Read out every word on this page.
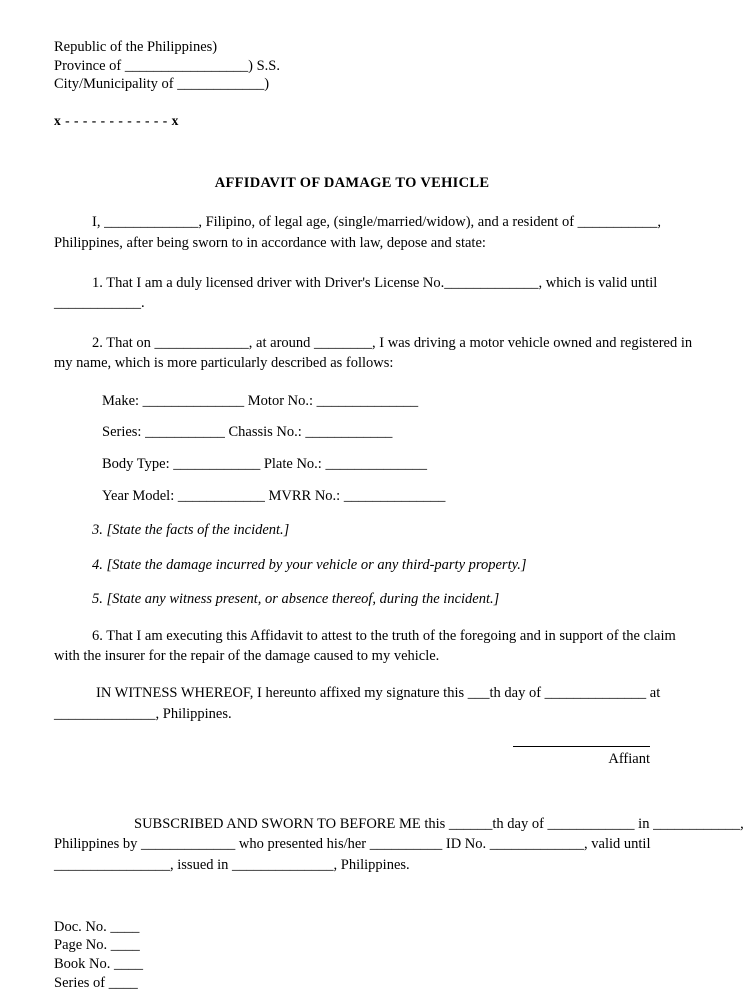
Republic of the Philippines)
Province of _________________) S.S.
City/Municipality of ____________)
x - - - - - - - - - - - - x
AFFIDAVIT OF DAMAGE TO VEHICLE
I, _____________, Filipino, of legal age, (single/married/widow), and a resident of ___________,
Philippines, after being sworn to in accordance with law, depose and state:
1. That I am a duly licensed driver with Driver's License No._____________, which is valid until
____________.
2. That on _____________, at around ________, I was driving a motor vehicle owned and registered in
my name, which is more particularly described as follows:
Make: ______________ Motor No.: ______________
Series: ___________ Chassis No.: ____________
Body Type: ____________ Plate No.: ______________
Year Model: ____________ MVRR No.: ______________
3. [State the facts of the incident.]
4. [State the damage incurred by your vehicle or any third-party property.]
5. [State any witness present, or absence thereof, during the incident.]
6. That I am executing this Affidavit to attest to the truth of the foregoing and in support of the claim
with the insurer for the repair of the damage caused to my vehicle.
IN WITNESS WHEREOF, I hereunto affixed my signature this ___th day of ______________ at
______________, Philippines.
Affiant
SUBSCRIBED AND SWORN TO BEFORE ME this ______th day of ____________ in ____________,
Philippines by _____________ who presented his/her __________ ID No. _____________, valid until
________________, issued in ______________, Philippines.
Doc. No. ____
Page No. ____
Book No. ____
Series of ____
